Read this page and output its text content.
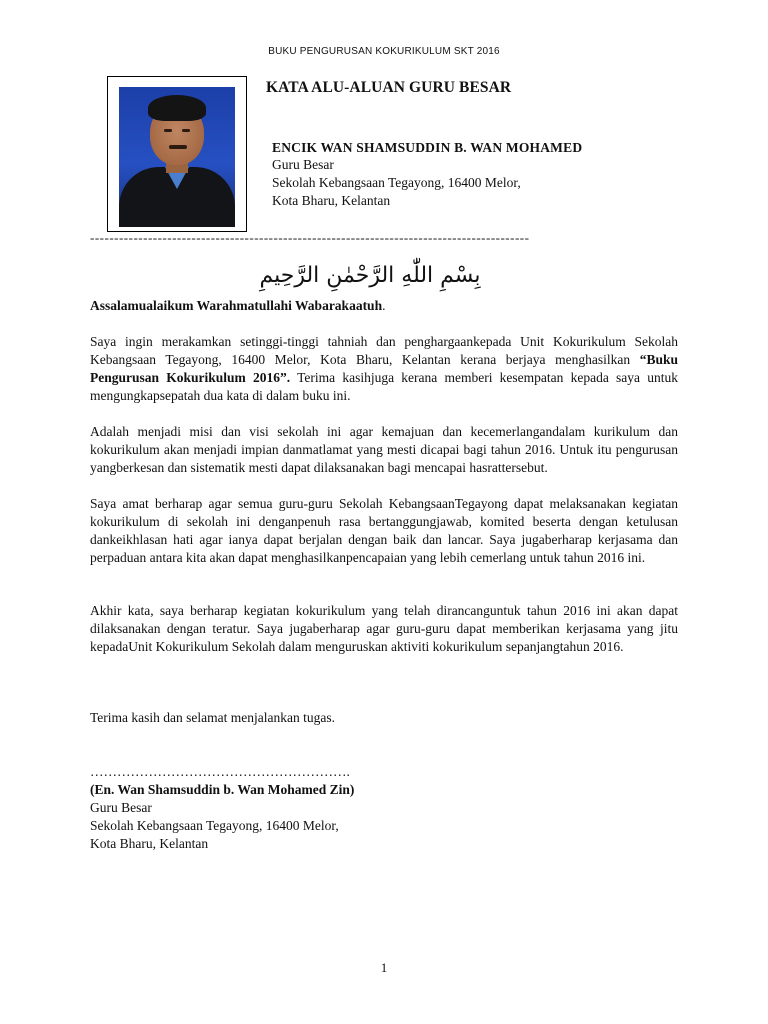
BUKU PENGURUSAN KOKURIKULUM SKT 2016
KATA ALU-ALUAN GURU BESAR
ENCIK WAN SHAMSUDDIN B. WAN MOHAMED
Guru Besar
Sekolah Kebangsaan Tegayong, 16400 Melor,
Kota Bharu, Kelantan
-------------------------------------------------------------------------------------------
بِسْمِ اللّٰهِ الرَّحْمٰنِ الرَّحِيمِ
Assalamualaikum Warahmatullahi Wabarakaatuh.
Saya ingin merakamkan setinggi-tinggi tahniah dan penghargaankepada Unit Kokurikulum Sekolah Kebangsaan Tegayong, 16400 Melor, Kota Bharu, Kelantan kerana berjaya menghasilkan “Buku Pengurusan Kokurikulum 2016”. Terima kasihjuga kerana memberi kesempatan kepada saya untuk mengungkapsepatah dua kata di dalam buku ini.
Adalah menjadi misi dan visi sekolah ini agar kemajuan dan kecemerlangandalam kurikulum dan kokurikulum akan menjadi impian danmatlamat yang mesti dicapai bagi tahun 2016. Untuk itu pengurusan yangberkesan dan sistematik mesti dapat dilaksanakan bagi mencapai hasrattersebut.
Saya amat berharap agar semua guru-guru Sekolah KebangsaanTegayong dapat melaksanakan kegiatan kokurikulum di sekolah ini denganpenuh rasa bertanggungjawab, komited beserta dengan ketulusan dankeikhlasan hati agar ianya dapat berjalan dengan baik dan lancar. Saya jugaberharap kerjasama dan perpaduan antara kita akan dapat menghasilkanpencapaian yang lebih cemerlang untuk tahun 2016 ini.
Akhir kata, saya berharap kegiatan kokurikulum yang telah dirancanguntuk tahun 2016 ini akan dapat dilaksanakan dengan teratur. Saya jugaberharap agar guru-guru dapat memberikan kerjasama yang jitu kepadaUnit Kokurikulum Sekolah dalam menguruskan aktiviti kokurikulum sepanjangtahun 2016.
Terima kasih dan selamat menjalankan tugas.
………………………………………………….
(En. Wan Shamsuddin b. Wan Mohamed Zin)
Guru Besar
Sekolah Kebangsaan Tegayong, 16400 Melor,
Kota Bharu, Kelantan
1
